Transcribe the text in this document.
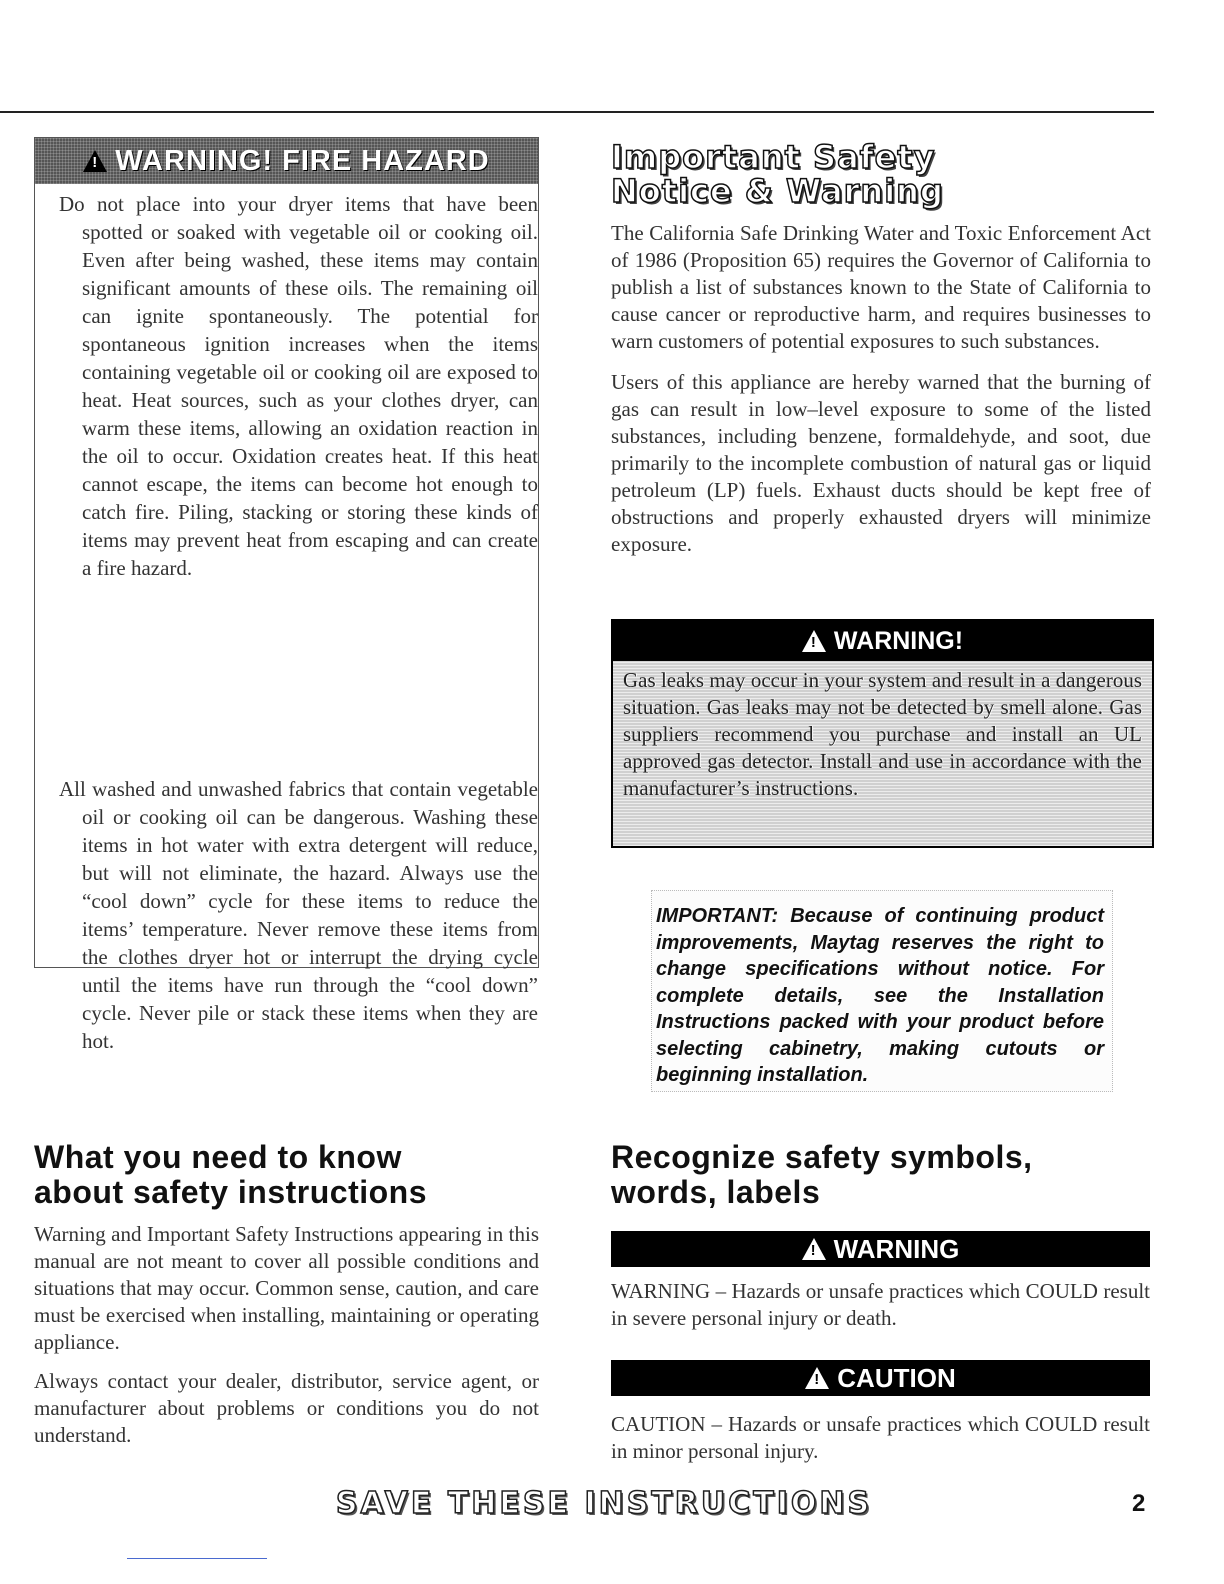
!WARNING! FIRE HAZARD

Do not place into your dryer items that have been spotted or soaked with vegetable oil or cooking oil. Even after being washed, these items may contain significant amounts of these oils. The remaining oil can ignite spontaneously. The potential for spontaneous ignition increases when the items containing vegetable oil or cooking oil are exposed to heat. Heat sources, such as your clothes dryer, can warm these items, allowing an oxidation reaction in the oil to occur. Oxidation creates heat. If this heat cannot escape, the items can become hot enough to catch fire. Piling, stacking or storing these kinds of items may prevent heat from escaping and can create a fire hazard.

All washed and unwashed fabrics that contain vegetable oil or cooking oil can be dangerous. Washing these items in hot water with extra detergent will reduce, but will not eliminate, the hazard. Always use the “cool down” cycle for these items to reduce the items’ temperature. Never remove these items from the clothes dryer hot or interrupt the drying cycle until the items have run through the “cool down” cycle. Never pile or stack these items when they are hot.

Important Safety
Notice & Warning

The California Safe Drinking Water and Toxic Enforcement Act of 1986 (Proposition 65) requires the Governor of California to publish a list of substances known to the State of California to cause cancer or reproductive harm, and requires businesses to warn customers of potential exposures to such substances.

Users of this appliance are hereby warned that the burning of gas can result in low–level exposure to some of the listed substances, including benzene, formaldehyde, and soot, due primarily to the incomplete combustion of natural gas or liquid petroleum (LP) fuels. Exhaust ducts should be kept free of obstructions and properly exhausted dryers will minimize exposure.

!
WARNING!

Gas leaks may occur in your system and result in a dangerous situation. Gas leaks may not be detected by smell alone. Gas suppliers recommend you purchase and install an UL approved gas detector. Install and use in accordance with the manufacturer’s instructions.

IMPORTANT: Because of continuing product improvements, Maytag reserves the right to change specifications without notice. For complete details, see the Installation Instructions packed with your product before selecting cabinetry, making cutouts or beginning installation.

What you need to know
about safety instructions

Warning and Important Safety Instructions appearing in this manual are not meant to cover all possible conditions and situations that may occur. Common sense, caution, and care must be exercised when installing, maintaining or operating appliance.

Always contact your dealer, distributor, service agent, or manufacturer about problems or conditions you do not understand.

Recognize safety symbols,
words, labels
!
WARNING

WARNING – Hazards or unsafe practices which COULD result in severe personal injury or death.

!
CAUTION

CAUTION – Hazards or unsafe practices which COULD result in minor personal injury.

SAVE THESE INSTRUCTIONS	2
